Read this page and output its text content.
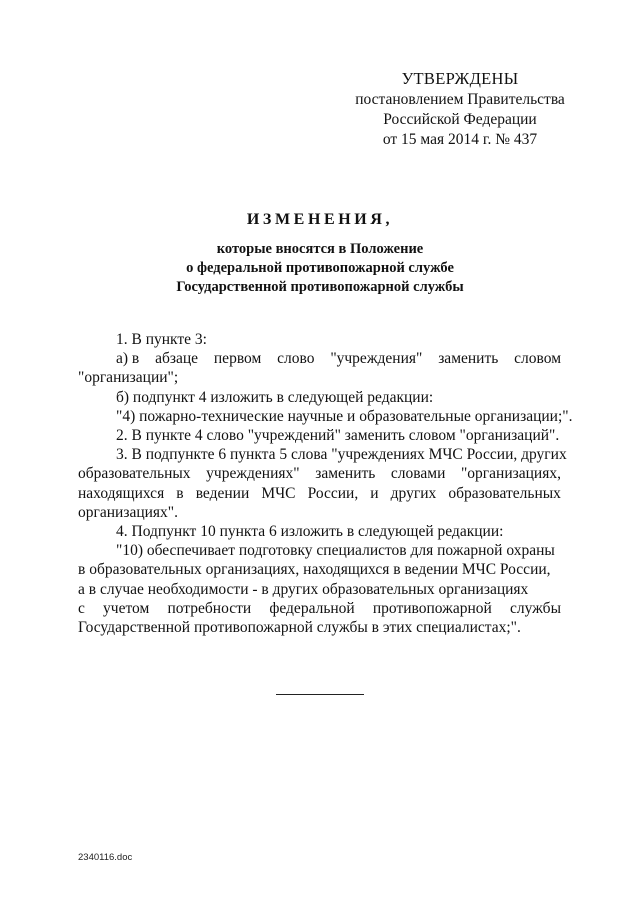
УТВЕРЖДЕНЫ
постановлением Правительства
Российской Федерации
от 15 мая 2014 г. № 437
ИЗМЕНЕНИЯ,
которые вносятся в Положение
о федеральной противопожарной службе
Государственной противопожарной службы
1. В пункте 3:
а) в абзаце первом слово "учреждения" заменить словом
"организации";
б) подпункт 4 изложить в следующей редакции:
"4) пожарно-технические научные и образовательные организации;".
2. В пункте 4 слово "учреждений" заменить словом "организаций".
3. В подпункте 6 пункта 5 слова "учреждениях МЧС России, других
образовательных учреждениях" заменить словами "организациях,
находящихся в ведении МЧС России, и других образовательных
организациях".
4. Подпункт 10 пункта 6 изложить в следующей редакции:
"10) обеспечивает подготовку специалистов для пожарной охраны
в образовательных организациях, находящихся в ведении МЧС России,
а в случае необходимости - в других образовательных организациях
с учетом потребности федеральной противопожарной службы
Государственной противопожарной службы в этих специалистах;".
2340116.doc
